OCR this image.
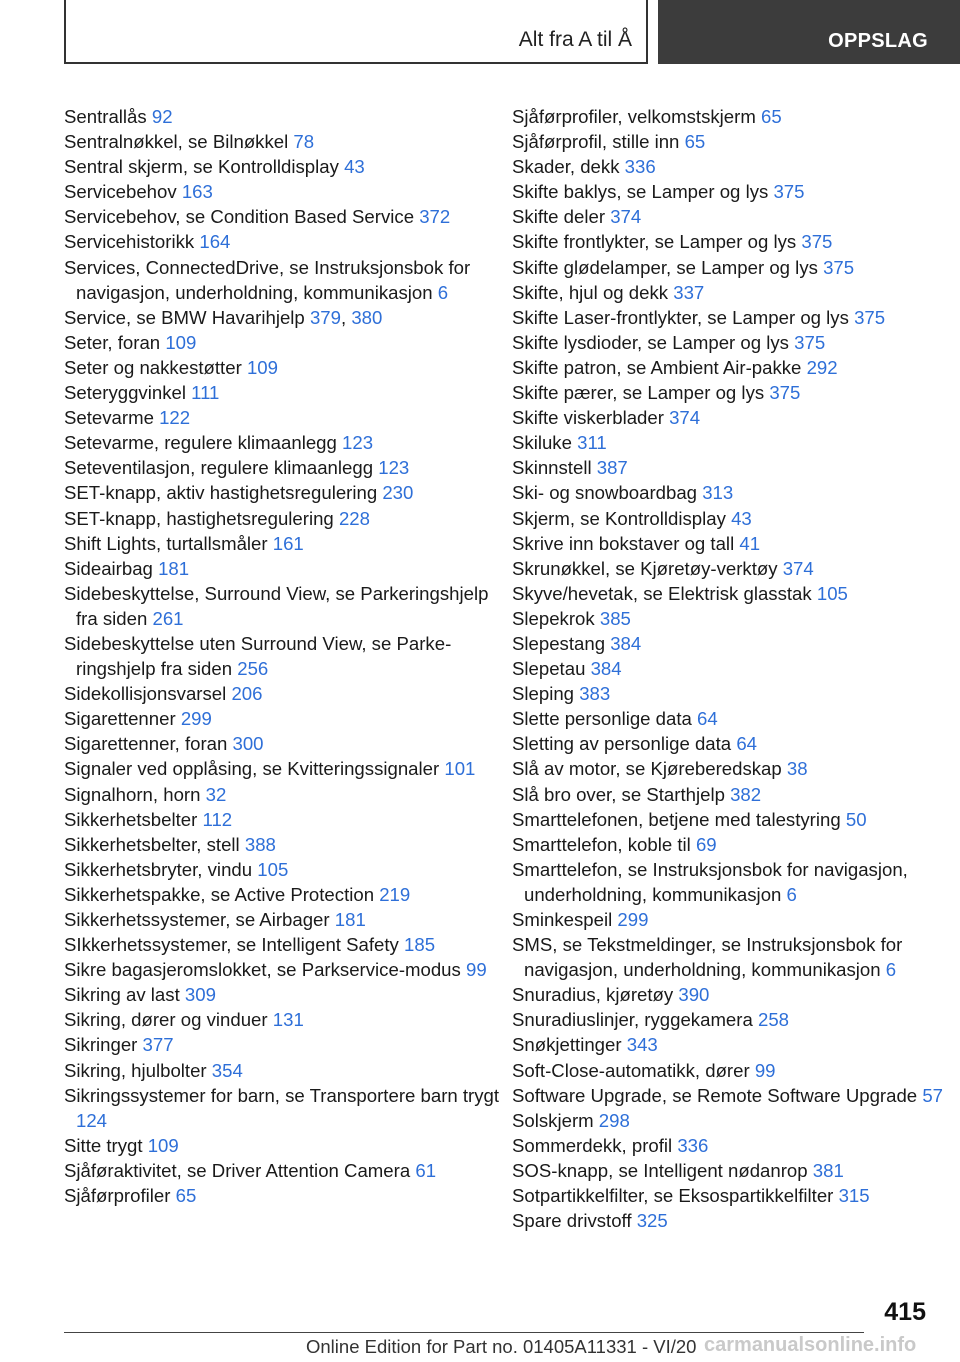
Alt fra A til Å	OPPSLAG
Sentrallås 92
Sentralnøkkel, se Bilnøkkel 78
Sentral skjerm, se Kontrolldisplay 43
Servicebehov 163
Servicebehov, se Condition Based Service 372
Servicehistorikk 164
Services, ConnectedDrive, se Instruksjonsbok for navigasjon, underholdning, kommunikasjon 6
Service, se BMW Havarihjelp 379, 380
Seter, foran 109
Seter og nakkestøtter 109
Seteryggvinkel 111
Setevarme 122
Setevarme, regulere klimaanlegg 123
Seteventilasjon, regulere klimaanlegg 123
SET-knapp, aktiv hastighetsregulering 230
SET-knapp, hastighetsregulering 228
Shift Lights, turtallsmåler 161
Sideairbag 181
Sidebeskyttelse, Surround View, se Parkeringshjelp fra siden 261
Sidebeskyttelse uten Surround View, se Parkeringshjelp fra siden 256
Sidekollisjonsvarsel 206
Sigarettenner 299
Sigarettenner, foran 300
Signaler ved opplåsing, se Kvitteringssignaler 101
Signalhorn, horn 32
Sikkerhetsbelter 112
Sikkerhetsbelter, stell 388
Sikkerhetsbryter, vindu 105
Sikkerhetspakke, se Active Protection 219
Sikkerhetssystemer, se Airbager 181
SIkkerhetssystemer, se Intelligent Safety 185
Sikre bagasjeromslokket, se Parkservice-modus 99
Sikring av last 309
Sikring, dører og vinduer 131
Sikringer 377
Sikring, hjulbolter 354
Sikringssystemer for barn, se Transportere barn trygt 124
Sitte trygt 109
Sjåføraktivitet, se Driver Attention Camera 61
Sjåførprofiler 65
Sjåførprofiler, velkomstskjerm 65
Sjåførprofil, stille inn 65
Skader, dekk 336
Skifte baklys, se Lamper og lys 375
Skifte deler 374
Skifte frontlykter, se Lamper og lys 375
Skifte glødelamper, se Lamper og lys 375
Skifte, hjul og dekk 337
Skifte Laser-frontlykter, se Lamper og lys 375
Skifte lysdioder, se Lamper og lys 375
Skifte patron, se Ambient Air-pakke 292
Skifte pærer, se Lamper og lys 375
Skifte viskerblader 374
Skiluke 311
Skinnstell 387
Ski- og snowboardbag 313
Skjerm, se Kontrolldisplay 43
Skrive inn bokstaver og tall 41
Skrunøkkel, se Kjøretøy-verktøy 374
Skyve/hevetak, se Elektrisk glasstak 105
Slepekrok 385
Slepestang 384
Slepetau 384
Sleping 383
Slette personlige data 64
Sletting av personlige data 64
Slå av motor, se Kjøreberedskap 38
Slå bro over, se Starthjelp 382
Smarttelefonen, betjene med talestyring 50
Smarttelefon, koble til 69
Smarttelefon, se Instruksjonsbok for navigasjon, underholdning, kommunikasjon 6
Sminkespeil 299
SMS, se Tekstmeldinger, se Instruksjonsbok for navigasjon, underholdning, kommunikasjon 6
Snuradius, kjøretøy 390
Snuradiuslinjer, ryggekamera 258
Snøkjettinger 343
Soft-Close-automatikk, dører 99
Software Upgrade, se Remote Software Upgrade 57
Solskjerm 298
Sommerdekk, profil 336
SOS-knapp, se Intelligent nødanrop 381
Sotpartikkelfilter, se Eksospartikkelfilter 315
Spare drivstoff 325
415
Online Edition for Part no. 01405A11331 - VI/20 carmanualsonline.info
